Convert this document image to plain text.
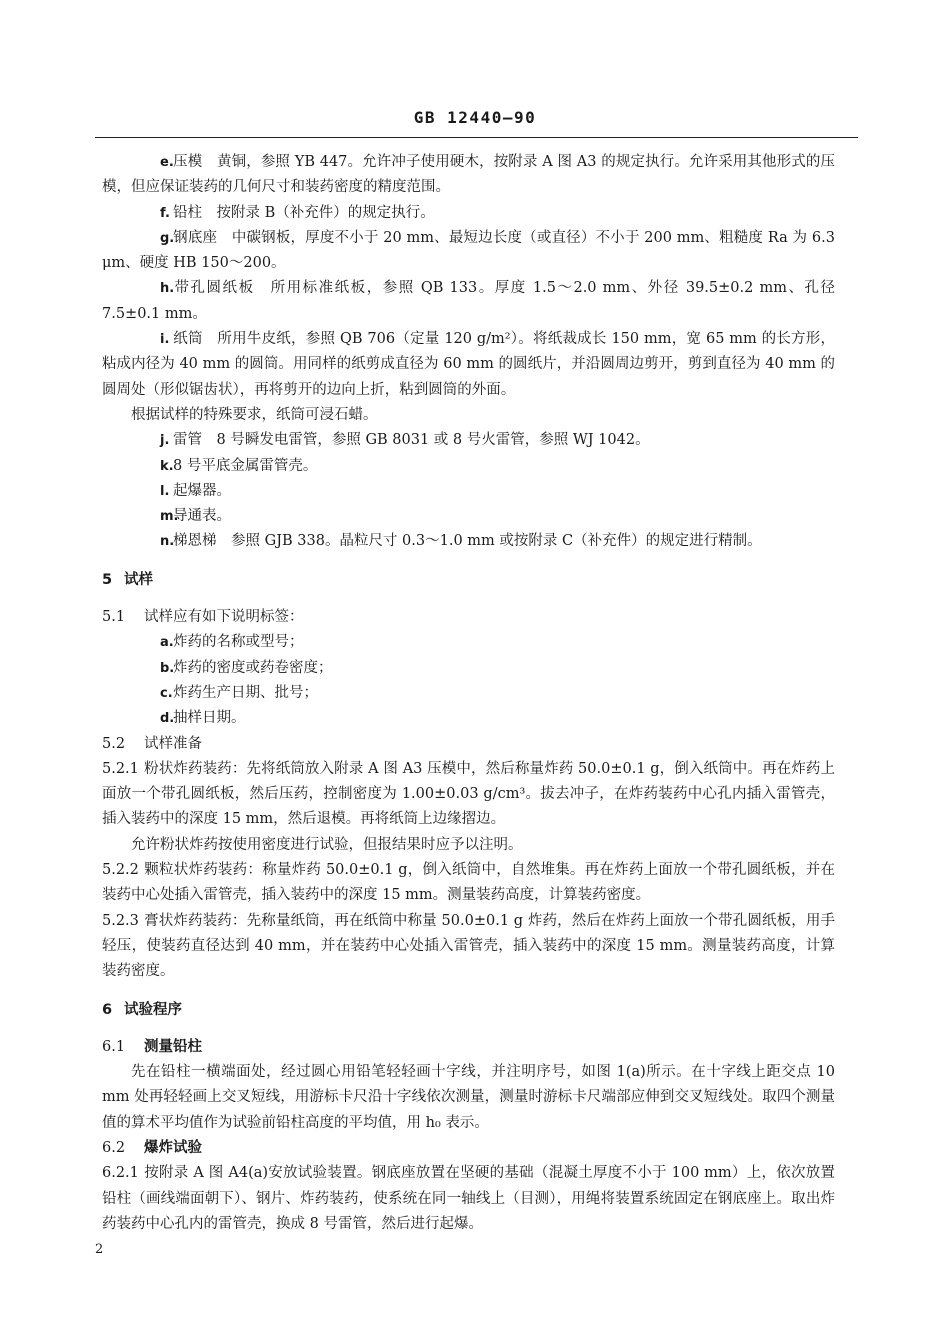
GB 12440—90

e.压模　黄铜，参照 YB 447。允许冲子使用硬木，按附录 A 图 A3 的规定执行。允许采用其他形式的压模，但应保证装药的几何尺寸和装药密度的精度范围。

f. 铅柱　按附录 B（补充件）的规定执行。

g.钢底座　中碳钢板，厚度不小于 20 mm、最短边长度（或直径）不小于 200 mm、粗糙度 Ra 为 6.3 μm、硬度 HB 150～200。

h.带孔圆纸板　所用标准纸板，参照 QB 133。厚度 1.5～2.0 mm、外径 39.5±0.2 mm、孔径 7.5±0.1 mm。

i. 纸筒　所用牛皮纸，参照 QB 706（定量 120 g/m²）。将纸裁成长 150 mm，宽 65 mm 的长方形，粘成内径为 40 mm 的圆筒。用同样的纸剪成直径为 60 mm 的圆纸片，并沿圆周边剪开，剪到直径为 40 mm 的圆周处（形似锯齿状），再将剪开的边向上折，粘到圆筒的外面。

根据试样的特殊要求，纸筒可浸石蜡。

j. 雷管　8 号瞬发电雷管，参照 GB 8031 或 8 号火雷管，参照 WJ 1042。

k.8 号平底金属雷管壳。

l. 起爆器。

m.导通表。

n.梯恩梯　参照 GJB 338。晶粒尺寸 0.3～1.0 mm 或按附录 C（补充件）的规定进行精制。

5 试样

5.1 试样应有如下说明标签：

a.炸药的名称或型号；

b.炸药的密度或药卷密度；

c.炸药生产日期、批号；

d.抽样日期。

5.2 试样准备

5.2.1 粉状炸药装药：先将纸筒放入附录 A 图 A3 压模中，然后称量炸药 50.0±0.1 g，倒入纸筒中。再在炸药上面放一个带孔圆纸板，然后压药，控制密度为 1.00±0.03 g/cm³。拔去冲子，在炸药装药中心孔内插入雷管壳，插入装药中的深度 15 mm，然后退模。再将纸筒上边缘摺边。

允许粉状炸药按使用密度进行试验，但报结果时应予以注明。

5.2.2 颗粒状炸药装药：称量炸药 50.0±0.1 g，倒入纸筒中，自然堆集。再在炸药上面放一个带孔圆纸板，并在装药中心处插入雷管壳，插入装药中的深度 15 mm。测量装药高度，计算装药密度。

5.2.3 膏状炸药装药：先称量纸筒，再在纸筒中称量 50.0±0.1 g 炸药，然后在炸药上面放一个带孔圆纸板，用手轻压，使装药直径达到 40 mm，并在装药中心处插入雷管壳，插入装药中的深度 15 mm。测量装药高度，计算装药密度。

6 试验程序

6.1 测量铅柱

先在铅柱一横端面处，经过圆心用铅笔轻轻画十字线，并注明序号，如图 1(a)所示。在十字线上距交点 10 mm 处再轻轻画上交叉短线，用游标卡尺沿十字线依次测量，测量时游标卡尺端部应伸到交叉短线处。取四个测量值的算术平均值作为试验前铅柱高度的平均值，用 h₀ 表示。

6.2 爆炸试验

6.2.1 按附录 A 图 A4(a)安放试验装置。钢底座放置在坚硬的基础（混凝土厚度不小于 100 mm）上，依次放置铅柱（画线端面朝下）、钢片、炸药装药，使系统在同一轴线上（目测），用绳将装置系统固定在钢底座上。取出炸药装药中心孔内的雷管壳，换成 8 号雷管，然后进行起爆。

2
